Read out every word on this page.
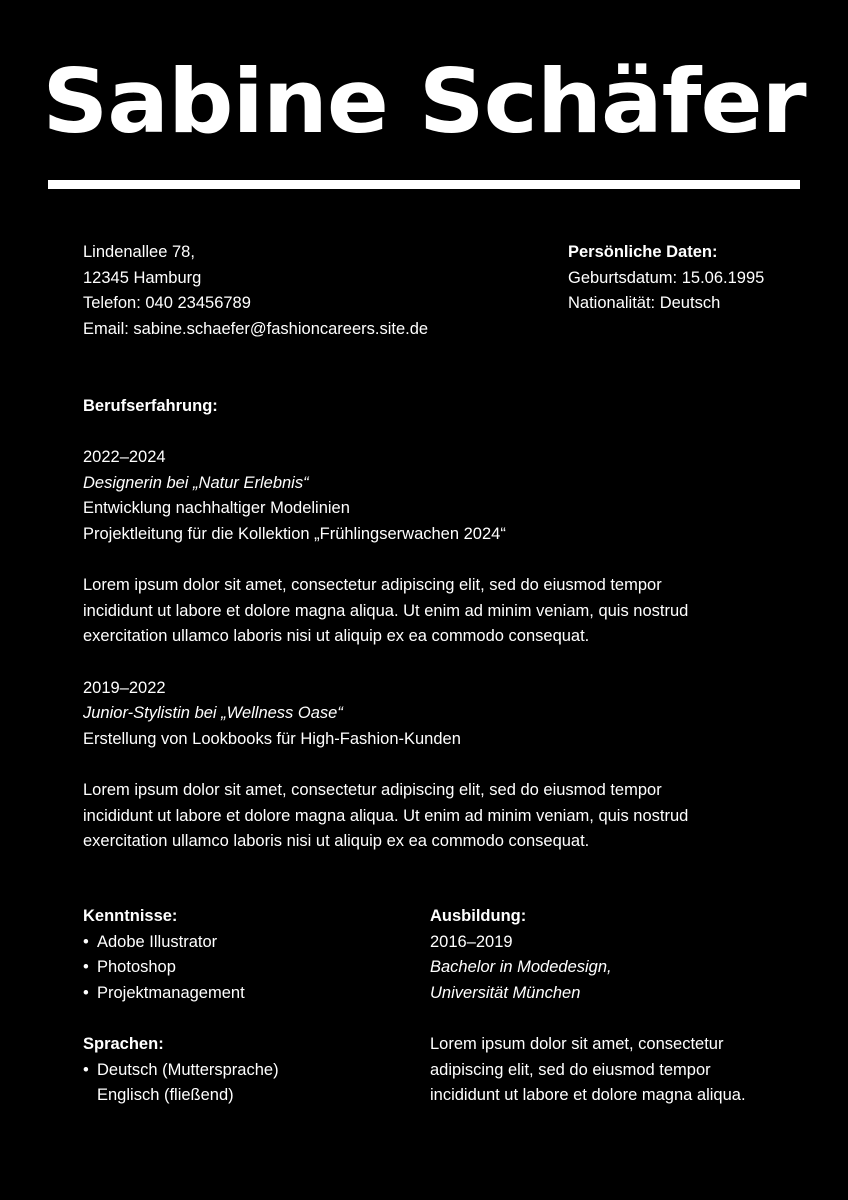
Sabine Schäfer

Lindenallee 78,

12345 Hamburg

Telefon: 040 23456789

Email: sabine.schaefer@fashioncareers.site.de

Persönliche Daten:

Geburtsdatum: 15.06.1995

Nationalität: Deutsch

Berufserfahrung:

2022–2024

Designerin bei „Natur Erlebnis“

Entwicklung nachhaltiger Modelinien

Projektleitung für die Kollektion „Frühlingserwachen 2024“

Lorem ipsum dolor sit amet, consectetur adipiscing elit, sed do eiusmod tempor

incididunt ut labore et dolore magna aliqua. Ut enim ad minim veniam, quis nostrud

exercitation ullamco laboris nisi ut aliquip ex ea commodo consequat.

2019–2022

Junior-Stylistin bei „Wellness Oase“

Erstellung von Lookbooks für High-Fashion-Kunden

Lorem ipsum dolor sit amet, consectetur adipiscing elit, sed do eiusmod tempor

incididunt ut labore et dolore magna aliqua. Ut enim ad minim veniam, quis nostrud

exercitation ullamco laboris nisi ut aliquip ex ea commodo consequat.

Kenntnisse:

• Adobe Illustrator
• Photoshop
• Projektmanagement

Sprachen:

• Deutsch (Muttersprache)
Englisch (fließend)

Ausbildung:

2016–2019

Bachelor in Modedesign,

Universität München

Lorem ipsum dolor sit amet, consectetur

adipiscing elit, sed do eiusmod tempor

incididunt ut labore et dolore magna aliqua.
